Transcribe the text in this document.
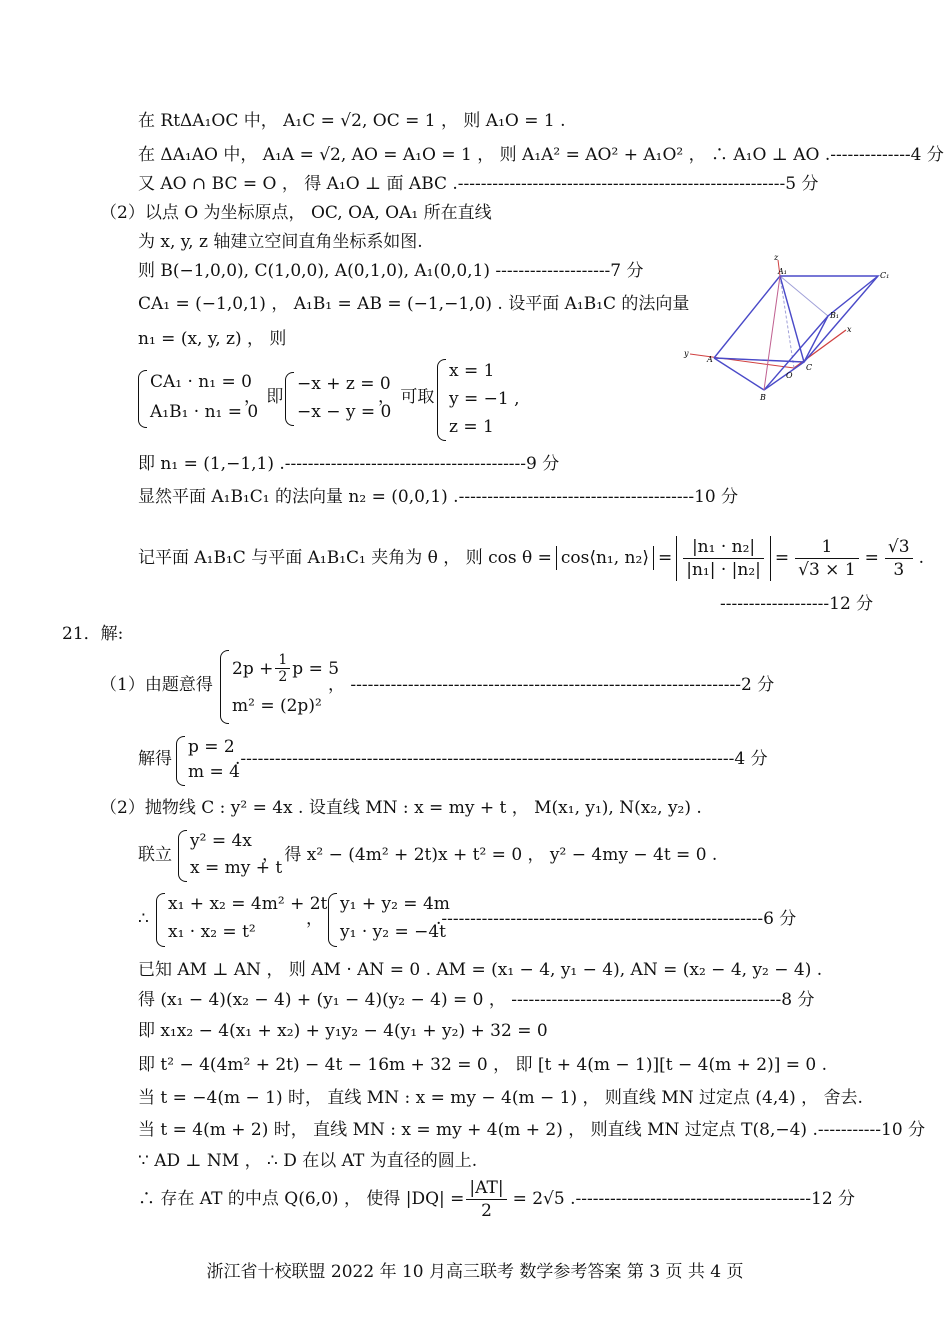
在 RtΔA₁OC 中， A₁C = √2, OC = 1 ， 则 A₁O = 1 .
在 ΔA₁AO 中， A₁A = √2, AO = A₁O = 1 ， 则 A₁A² = AO² + A₁O² ， ∴ A₁O ⊥ AO .--------------4 分
又 AO ∩ BC = O ， 得 A₁O ⊥ 面 ABC .---------------------------------------------------------5 分
（2）以点 O 为坐标原点， OC, OA, OA₁ 所在直线
为 x, y, z 轴建立空间直角坐标系如图.
则 B(−1,0,0), C(1,0,0), A(0,1,0), A₁(0,0,1) --------------------7 分
CA₁ = (−1,0,1) ， A₁B₁ = AB = (−1,−1,0) . 设平面 A₁B₁C 的法向量
n₁ = (x, y, z) ， 则
CA₁ · n₁ = 0
A₁B₁ · n₁ = 0
， 即
−x + z = 0
−x − y = 0
， 可取
x = 1
y = −1 ,
z = 1
即 n₁ = (1,−1,1) .------------------------------------------9 分
显然平面 A₁B₁C₁ 的法向量 n₂ = (0,0,1) .-----------------------------------------10 分
记平面 A₁B₁C 与平面 A₁B₁C₁ 夹角为 θ ， 则 cos θ = cos⟨n₁, n₂⟩ = $\frac{\text{|n₁ · n₂|}}{\text{|n₁| · |n₂|}} = \frac{1}{√3 \times 1} = \frac{√3}{3}$ .
-------------------12 分
21．解:
（1）由题意得
$2p + \frac{1}{2}$ p = 5
m² = (2p)²
， --------------------------------------------------------------------2 分
解得
p = 2
m = 4
.--------------------------------------------------------------------------------------4 分
（2）抛物线 C : y² = 4x . 设直线 MN : x = my + t ， M(x₁, y₁), N(x₂, y₂) .
联立
y² = 4x
x = my + t
， 得 x² − (4m² + 2t)x + t² = 0 ， y² − 4my − 4t = 0 .
∴
x₁ + x₂ = 4m² + 2t
x₁ · x₂ = t²
，
y₁ + y₂ = 4m
y₁ · y₂ = −4t
.--------------------------------------------------------6 分
已知 AM ⊥ AN ， 则 AM · AN = 0 . AM = (x₁ − 4, y₁ − 4), AN = (x₂ − 4, y₂ − 4) .
得 (x₁ − 4)(x₂ − 4) + (y₁ − 4)(y₂ − 4) = 0 ， -----------------------------------------------8 分
即 x₁x₂ − 4(x₁ + x₂) + y₁y₂ − 4(y₁ + y₂) + 32 = 0
即 t² − 4(4m² + 2t) − 4t − 16m + 32 = 0 ， 即 [t + 4(m − 1)][t − 4(m + 2)] = 0 .
当 t = −4(m − 1) 时， 直线 MN : x = my − 4(m − 1) ， 则直线 MN 过定点 (4,4) ， 舍去.
当 t = 4(m + 2) 时， 直线 MN : x = my + 4(m + 2) ， 则直线 MN 过定点 T(8,−4) .-----------10 分
∵ AD ⊥ NM ， ∴ D 在以 AT 为直径的圆上.
∴ 存在 AT 的中点 Q(6,0) ， 使得 $|DQ| = \frac{|AT|}{2} = 2√5$ .-----------------------------------------12 分
z
A₁	C₁
B₁
x
y
A
O
C
B
浙江省十校联盟 2022 年 10 月高三联考 数学参考答案 第 3 页 共 4 页
